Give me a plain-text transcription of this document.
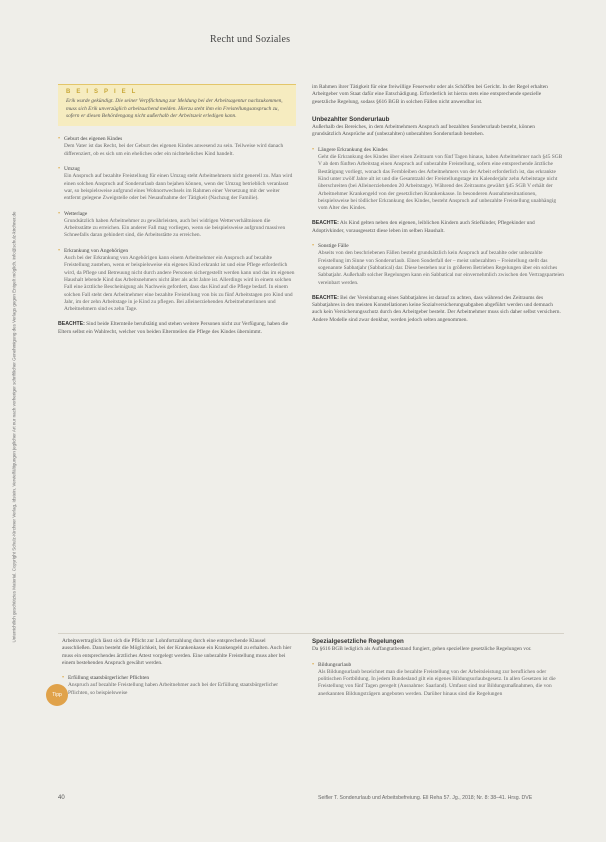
Recht und Soziales
Unterrichtlich geschütztes Material. Copyright Schulz-Kirchner Verlag, Idstein. Vervielfältigungen jeglicher Art nur nach vorheriger schriftlicher Genehmigung des Verlags gegen Entgelt möglich. info@schulz-kirchner.de
BEISPIEL
Erik wurde gekündigt. Die seiner Verpflichtung zur Meldung bei der Arbeitsagentur nachzukommen, muss sich Erik unverzüglich arbeitsuchend melden. Hierzu steht ihm ein Freistellungsanspruch zu, sofern er diesen Behördengang nicht außerhalb der Arbeitszeit erledigen kann.
• Geburt des eigenen Kindes
Dem Vater ist das Recht, bei der Geburt des eigenen Kindes anwesend zu sein. Teilweise wird danach differenziert, ob es sich um ein eheliches oder ein nichteheliches Kind handelt.
• Umzug
Ein Anspruch auf bezahlte Freistellung für einen Umzug steht Arbeitnehmern nicht generell zu. Man wird einen solchen Anspruch auf Sonderurlaub dann bejahen können, wenn der Umzug betrieblich veranlasst war, so beispielsweise aufgrund eines Wohnortwechsels im Rahmen einer Versetzung mit der weiter entfernt gelegene Zweigstelle oder bei Neuaufnahme der Tätigkeit (Nachzug der Familie).
• Wetterlage
Grundsätzlich haben Arbeitnehmer zu gewährleisten, auch bei widrigen Wetterverhältnissen die Arbeitsstätte zu erreichen. Ein anderer Fall mag vorliegen, wenn sie beispielsweise aufgrund massiven Schneefalls daran gehindert sind, die Arbeitsstätte zu erreichen.
• Erkrankung von Angehörigen
Auch bei der Erkrankung von Angehörigen kann einem Arbeitnehmer ein Anspruch auf bezahlte Freistellung zustehen, wenn er beispielsweise ein eigenes Kind erkrankt ist und eine Pflege erforderlich wird, da Pflege und Betreuung nicht durch andere Personen sichergestellt werden kann und das im eigenen Haushalt lebende Kind das Arbeitsnehmers nicht älter als acht Jahre ist. Allerdings wird in einem solchen Fall eine ärztliche Bescheinigung als Nachweis gefordert, dass das Kind auf die Pflege bedarf. In einem solchen Fall steht dem Arbeitnehmer eine bezahlte Freistellung von bis zu fünf Arbeitstagen pro Kind und Jahr, im der zehn Arbeitstage in je Kind zu pflegen. Bei alleinerziehenden Arbeitnehmerinnen und Arbeitnehmern sind es zehn Tage.
BEACHTE: Sind beide Elternteile berufstätig und stehen weitere Personen nicht zur Verfügung, haben die Eltern selbst ein Wahlrecht, welcher von beiden Elternteilen die Pflege des Kindes übernimmt.
im Rahmen ihrer Tätigkeit für eine freiwillige Feuerwehr oder als Schöffen bei Gericht. In der Regel erhalten Arbeitgeber vom Staat dafür eine Entschädigung. Erforderlich ist hierzu stets eine entsprechende spezielle gesetzliche Regelung, sodass §616 BGB in solchen Fällen nicht anwendbar ist.
Unbezahlter Sonderurlaub
Außerhalb des Bereiches, in dem Arbeitnehmern Anspruch auf bezahlten Sonderurlaub besteht, können grundsätzlich Ansprüche auf (unbezahlten) unbezahlten Sonderurlaub bestehen.
• Längere Erkrankung des Kindes
Geht die Erkrankung des Kindes über einen Zeitraum von fünf Tagen hinaus, haben Arbeitnehmer nach §45 SGB V ab dem fünften Arbeitstag einen Anspruch auf unbezahlte Freistellung, sofern eine entsprechende ärztliche Bestätigung vorliegt, wonach das Fernbleiben des Arbeitnehmers von der Arbeit erforderlich ist, das erkrankte Kind unter zwölf Jahre alt ist und die Gesamtzahl der Freistellungstage im Kalenderjahr zehn Arbeitstage nicht überschreiten (bei Alleinerziehenden 20 Arbeitstage). Während des Zeitraums gewährt §45 SGB V erhält der Arbeitnehmer Krankengeld von der gesetzlichen Krankenkasse. In besonderen Ausnahmesituationen, beispielsweise bei tödlicher Erkrankung des Kindes, besteht Anspruch auf unbezahlte Freistellung unabhängig vom Alter des Kindes.
BEACHTE: Als Kind gelten neben den eigenen, leiblichen Kindern auch Stiefkinder, Pflegekinder und Adoptivkinder, vorausgesetzt diese leben im selben Haushalt.
• Sonstige Fälle
Abseits von den beschriebenen Fällen besteht grundsätzlich kein Anspruch auf bezahlte oder unbezahlte Freistellung im Sinne von Sonderurlaub. Einen Sonderfall der – meist unbezahlten – Freistellung stellt das sogenannte Sabbatjahr (Sabbatical) dar. Diese bestehen nur in größeren Betrieben Regelungen über ein solches Sabbatjahr. Außerhalb solcher Regelungen kann ein Sabbatical nur einvernehmlich zwischen den Vertragsparteien vereinbart werden.
BEACHTE: Bei der Vereinbarung eines Sabbatjahres ist darauf zu achten, dass während des Zeitraums des Sabbatjahres in den meisten Konstellationen keine Sozialversicherungsabgaben abgeführt werden und demnach auch kein Versicherungsschutz durch den Arbeitgeber besteht. Der Arbeitnehmer muss sich daher selbst versichern. Andere Modelle sind zwar denkbar, werden jedoch selten angenommen.
Tipp
Arbeitsvertraglich lässt sich die Pflicht zur Lohnfortzahlung durch eine entsprechende Klausel ausschließen. Dann besteht die Möglichkeit, bei der Krankenkasse ein Krankengeld zu erhalten. Auch hier muss ein entsprechendes ärztliches Attest vorgelegt werden. Eine unbezahlte Freistellung muss aber bei einem bestehenden Anspruch gewährt werden.
• Erfüllung staatsbürgerlicher Pflichten
Anspruch auf bezahlte Freistellung haben Arbeitnehmer auch bei der Erfüllung staatsbürgerlicher Pflichten, so beispielsweise
Spezialgesetzliche Regelungen
Da §616 BGB lediglich als Auffangtatbestand fungiert, gehen speziellere gesetzliche Regelungen vor.
• Bildungsurlaub
Als Bildungsurlaub bezeichnet man die bezahlte Freistellung von der Arbeitsleistung zur beruflichen oder politischen Fortbildung. In jedem Bundesland gilt ein eigenes Bildungsurlaubsgesetz. In allen Gesetzen ist die Freistellung von fünf Tagen geregelt (Ausnahme: Saarland). Umfasst sind nur Bildungsmaßnahmen, die von anerkannten Bildungsträgern angeboten werden. Darüber hinaus sind die Regelungen
40	Seifler T. Sonderurlaub und Arbeitsbefreiung. Ell Reha 57. Jg., 2018; Nr. 8: 38–41. Hrsg. DVE
